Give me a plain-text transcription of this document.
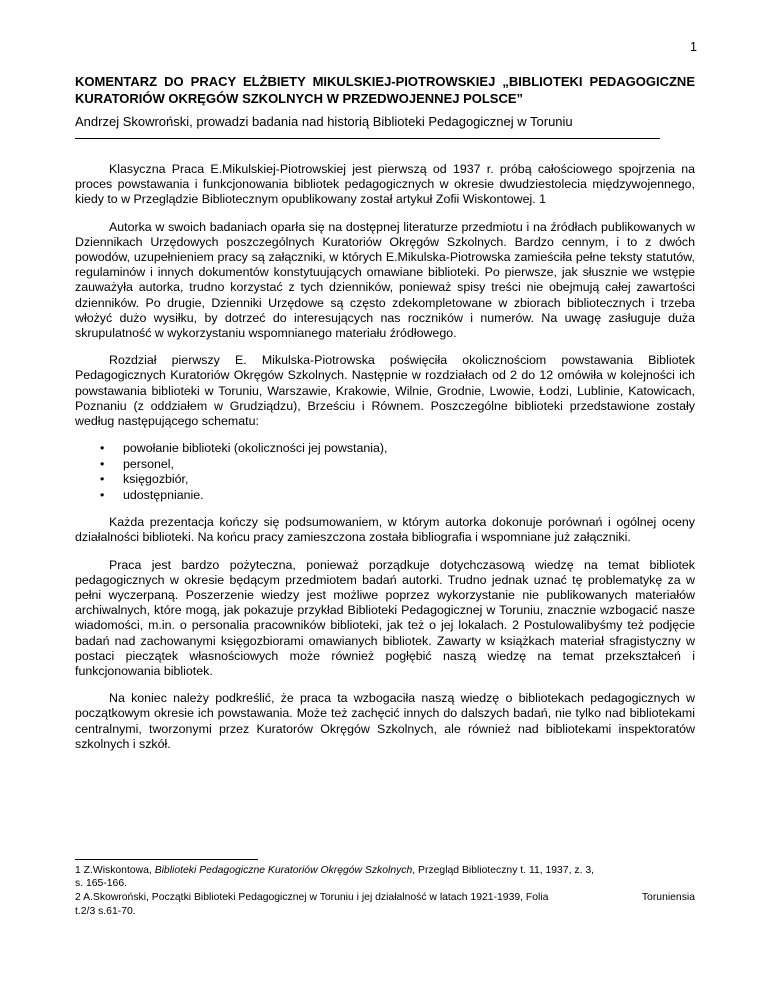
1
KOMENTARZ DO PRACY ELŻBIETY MIKULSKIEJ-PIOTROWSKIEJ „BIBLIOTEKI PEDAGOGICZNE KURATORIÓW OKRĘGÓW SZKOLNYCH W PRZEDWOJENNEJ POLSCE”
Andrzej Skowroński, prowadzi badania nad historią Biblioteki Pedagogicznej w Toruniu

Klasyczna Praca E.Mikulskiej-Piotrowskiej jest pierwszą od 1937 r. próbą całościowego spojrzenia na proces powstawania i funkcjonowania bibliotek pedagogicznych w okresie dwudziestolecia międzywojennego, kiedy to w Przeglądzie Bibliotecznym opublikowany został artykuł Zofii Wiskontowej. 1

Autorka w swoich badaniach oparła się na dostępnej literaturze przedmiotu i na źródłach publikowanych w Dziennikach Urzędowych poszczególnych Kuratoriów Okręgów Szkolnych. Bardzo cennym, i to z dwóch powodów, uzupełnieniem pracy są załączniki, w których E.Mikulska-Piotrowska zamieściła pełne teksty statutów, regulaminów i innych dokumentów konstytuujących omawiane biblioteki. Po pierwsze, jak słusznie we wstępie zauważyła autorka, trudno korzystać z tych dzienników, ponieważ spisy treści nie obejmują całej zawartości dzienników. Po drugie, Dzienniki Urzędowe są często zdekompletowane w zbiorach bibliotecznych i trzeba włożyć dużo wysiłku, by dotrzeć do interesujących nas roczników i numerów. Na uwagę zasługuje duża skrupulatność w wykorzystaniu wspomnianego materiału źródłowego.

Rozdział pierwszy E. Mikulska-Piotrowska poświęciła okolicznościom powstawania Bibliotek Pedagogicznych Kuratoriów Okręgów Szkolnych. Następnie w rozdziałach od 2 do 12 omówiła w kolejności ich powstawania biblioteki w Toruniu, Warszawie, Krakowie, Wilnie, Grodnie, Lwowie, Łodzi, Lublinie, Katowicach, Poznaniu (z oddziałem w Grudziądzu), Brześciu i Równem. Poszczególne biblioteki przedstawione zostały według następującego schematu:

• powołanie biblioteki (okoliczności jej powstania),
• personel,
• księgozbiór,
• udostępnianie.

Każda prezentacja kończy się podsumowaniem, w którym autorka dokonuje porównań i ogólnej oceny działalności biblioteki. Na końcu pracy zamieszczona została bibliografia i wspomniane już załączniki.

Praca jest bardzo pożyteczna, ponieważ porządkuje dotychczasową wiedzę na temat bibliotek pedagogicznych w okresie będącym przedmiotem badań autorki. Trudno jednak uznać tę problematykę za w pełni wyczerpaną. Poszerzenie wiedzy jest możliwe poprzez wykorzystanie nie publikowanych materiałów archiwalnych, które mogą, jak pokazuje przykład Biblioteki Pedagogicznej w Toruniu, znacznie wzbogacić nasze wiadomości, m.in. o personalia pracowników biblioteki, jak też o jej lokalach. 2 Postulowalibyśmy też podjęcie badań nad zachowanymi księgozbiorami omawianych bibliotek. Zawarty w książkach materiał sfragistyczny w postaci pieczątek własnościowych może również pogłębić naszą wiedzę na temat przekształceń i funkcjonowania bibliotek.

Na koniec należy podkreślić, że praca ta wzbogaciła naszą wiedzę o bibliotekach pedagogicznych w początkowym okresie ich powstawania. Może też zachęcić innych do dalszych badań, nie tylko nad bibliotekami centralnymi, tworzonymi przez Kuratorów Okręgów Szkolnych, ale również nad bibliotekami inspektoratów szkolnych i szkół.

1 Z.Wiskontowa, Biblioteki Pedagogiczne Kuratoriów Okręgów Szkolnych, Przegląd Biblioteczny t. 11, 1937, z. 3,
s. 165-166.
Toruniensia
2 A.Skowroński, Początki Biblioteki Pedagogicznej w Toruniu i jej działalność w latach 1921-1939, Folia
t.2/3 s.61-70.
